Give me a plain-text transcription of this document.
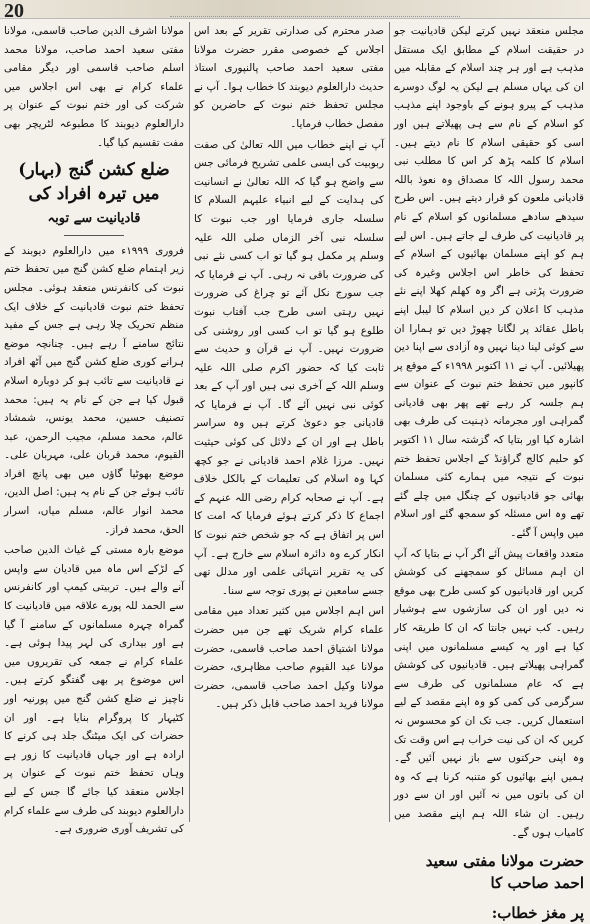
20

مجلس منعقد نہیں کرتے لیکن قادیانیت جو در حقیقت اسلام کے مطابق ایک مستقل مذہب ہے اور ہر چند اسلام کے مقابلہ میں ان کی یہاں مسلم ہے لیکن یہ لوگ دوسرے مذہب کے پیرو ہونے کے باوجود اپنے مذہب کو اسلام کے نام سے ہی پھیلاتے ہیں اور اسی کو حقیقی اسلام کا نام دیتے ہیں۔ اسلام کا کلمہ پڑھ کر اس کا مطلب نبی محمد رسول اللہ کا مصداق وہ نعوذ باللہ قادیانی ملعون کو قرار دیتے ہیں۔ اس طرح سیدھے سادھے مسلمانوں کو اسلام کے نام پر قادیانیت کی طرف لے جاتے ہیں۔ اس لیے ہم کو اپنے مسلمان بھائیوں کے اسلام کے تحفظ کی خاطر اس اجلاس وغیرہ کی ضرورت پڑتی ہے اگر وہ کھلم کھلا اپنے نئے مذہب کا اعلان کر دیں اسلام کا لیبل اپنے باطل عقائد پر لگانا چھوڑ دیں تو ہمارا ان سے کوئی لینا دینا نہیں وہ آزادی سے اپنا دین پھیلائیں۔ آپ نے ۱۱ اکتوبر ۱۹۹۸ء کے موقع پر کانپور میں تحفظ ختم نبوت کے عنوان سے ہم جلسہ کر رہے تھے پھر بھی قادیانی گمراہی اور مجرمانہ ذہنیت کی طرف بھی اشارہ کیا اور بتایا کہ گزشتہ سال ۱۱ اکتوبر کو حلیم کالج گراؤنڈ کے اجلاس تحفظ ختم نبوت کے نتیجہ میں ہمارے کئی مسلمان بھائی جو قادیانیوں کے چنگل میں چلے گئے تھے وہ اس مسئلہ کو سمجھ گئے اور اسلام میں واپس آ گئے۔

متعدد واقعات پیش آئے اگر آپ نے بتایا کہ آپ ان اہم مسائل کو سمجھنے کی کوشش کریں اور قادیانیوں کو کسی طرح بھی موقع نہ دیں اور ان کی سازشوں سے ہوشیار رہیں۔ کب نہیں جانتا کہ ان کا طریقہ کار کیا ہے اور یہ کیسے مسلمانوں میں اپنی گمراہی پھیلاتے ہیں۔ قادیانیوں کی کوشش ہے کہ عام مسلمانوں کی طرف سے سرگرمی کی کمی کو وہ اپنے مقصد کے لیے استعمال کریں۔ جب تک ان کو محسوس نہ کریں کہ ان کی نیت خراب ہے اس وقت تک وہ اپنی حرکتوں سے باز نہیں آئیں گے۔ ہمیں اپنے بھائیوں کو متنبہ کرنا ہے کہ وہ ان کی باتوں میں نہ آئیں اور ان سے دور رہیں۔ ان شاء اللہ ہم اپنے مقصد میں کامیاب ہوں گے۔

حضرت مولانا مفتی سعید احمد صاحب کا
پر مغز خطاب:

صدر محترم کی صدارتی تقریر کے بعد اس اجلاس کے خصوصی مقرر حضرت مولانا مفتی سعید احمد صاحب پالنپوری استاذ حدیث دارالعلوم دیوبند کا خطاب ہوا۔ آپ نے مجلس تحفظ ختم نبوت کے حاضرین کو مفصل خطاب فرمایا۔

آپ نے اپنے خطاب میں اللہ تعالیٰ کی صفت ربوبیت کی ایسی علمی تشریح فرمائی جس سے واضح ہو گیا کہ اللہ تعالیٰ نے انسانیت کی ہدایت کے لیے انبیاء علیہم السلام کا سلسلہ جاری فرمایا اور جب نبوت کا سلسلہ نبی آخر الزماں صلی اللہ علیہ وسلم پر مکمل ہو گیا تو اب کسی نئے نبی کی ضرورت باقی نہ رہی۔ آپ نے فرمایا کہ جب سورج نکل آئے تو چراغ کی ضرورت نہیں رہتی اسی طرح جب آفتاب نبوت طلوع ہو گیا تو اب کسی اور روشنی کی ضرورت نہیں۔ آپ نے قرآن و حدیث سے ثابت کیا کہ حضور اکرم صلی اللہ علیہ وسلم اللہ کے آخری نبی ہیں اور آپ کے بعد کوئی نبی نہیں آئے گا۔ آپ نے فرمایا کہ قادیانی جو دعویٰ کرتے ہیں وہ سراسر باطل ہے اور ان کے دلائل کی کوئی حیثیت نہیں۔ مرزا غلام احمد قادیانی نے جو کچھ کہا وہ اسلام کی تعلیمات کے بالکل خلاف ہے۔ آپ نے صحابہ کرام رضی اللہ عنہم کے اجماع کا ذکر کرتے ہوئے فرمایا کہ امت کا اس پر اتفاق ہے کہ جو شخص ختم نبوت کا انکار کرے وہ دائرہ اسلام سے خارج ہے۔ آپ کی یہ تقریر انتہائی علمی اور مدلل تھی جسے سامعین نے پوری توجہ سے سنا۔

اس اہم اجلاس میں کثیر تعداد میں مقامی علماء کرام شریک تھے جن میں حضرت مولانا اشتیاق احمد صاحب قاسمی، حضرت مولانا عبد القیوم صاحب مظاہری، حضرت مولانا وکیل احمد صاحب قاسمی، حضرت مولانا فرید احمد صاحب قابل ذکر ہیں۔

مولانا اشرف الدین صاحب قاسمی، مولانا مفتی سعید احمد صاحب، مولانا محمد اسلم صاحب قاسمی اور دیگر مقامی علماء کرام نے بھی اس اجلاس میں شرکت کی اور ختم نبوت کے عنوان پر دارالعلوم دیوبند کا مطبوعہ لٹریچر بھی مفت تقسیم کیا گیا۔

ضلع کشن گنج (بہار) میں تیرہ افراد کی
قادیانیت سے توبہ

فروری ۱۹۹۹ء میں دارالعلوم دیوبند کے زیر اہتمام ضلع کشن گنج میں تحفظ ختم نبوت کی کانفرنس منعقد ہوئی۔ مجلس تحفظ ختم نبوت قادیانیت کے خلاف ایک منظم تحریک چلا رہی ہے جس کے مفید نتائج سامنے آ رہے ہیں۔ چنانچہ موضع ہرانے کوری ضلع کشن گنج میں آٹھ افراد نے قادیانیت سے تائب ہو کر دوبارہ اسلام قبول کیا ہے جن کے نام یہ ہیں: محمد تصنیف حسین، محمد یونس، شمشاد عالم، محمد مسلم، مجیب الرحمن، عبد القیوم، محمد قربان علی، مہربان علی۔ موضع بھوٹیا گاؤں میں بھی پانچ افراد تائب ہوئے جن کے نام یہ ہیں: اصل الدین، محمد انوار عالم، مسلم میاں، اسرار الحق، محمد فراز۔

موضع بارہ مستی کے غیاث الدین صاحب کے لڑکے اس ماہ میں قادیان سے واپس آنے والے ہیں۔ تربیتی کیمپ اور کانفرنس سے الحمد للہ پورے علاقہ میں قادیانیت کا گمراہ چہرہ مسلمانوں کے سامنے آ گیا ہے اور بیداری کی لہر پیدا ہوئی ہے۔ علماء کرام نے جمعہ کی تقریروں میں اس موضوع پر بھی گفتگو کرتے ہیں۔ ناچیز نے ضلع کشن گنج میں پورنیہ اور کٹیہار کا پروگرام بنایا ہے۔ اور ان حضرات کی ایک میٹنگ جلد ہی کرنے کا ارادہ ہے اور جہاں قادیانیت کا زور ہے وہاں تحفظ ختم نبوت کے عنوان پر اجلاس منعقد کیا جائے گا جس کے لیے دارالعلوم دیوبند کی طرف سے علماء کرام کی تشریف آوری ضروری ہے۔
